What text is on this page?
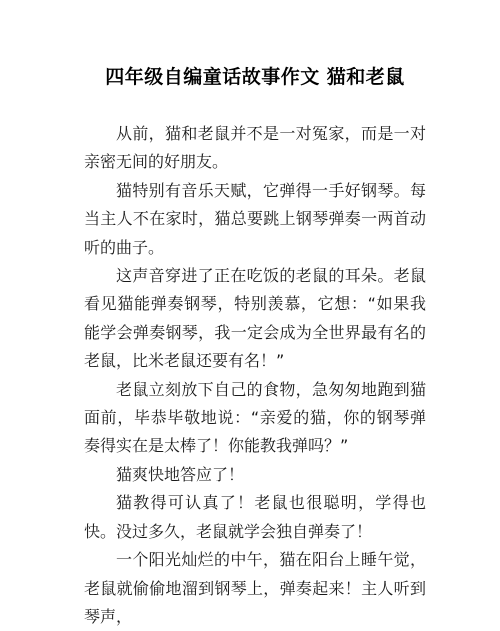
四年级自编童话故事作文 猫和老鼠

从前，猫和老鼠并不是一对冤家，而是一对亲密无间的好朋友。

猫特别有音乐天赋，它弹得一手好钢琴。每当主人不在家时，猫总要跳上钢琴弹奏一两首动听的曲子。

这声音穿进了正在吃饭的老鼠的耳朵。老鼠看见猫能弹奏钢琴，特别羡慕，它想：“如果我能学会弹奏钢琴，我一定会成为全世界最有名的老鼠，比米老鼠还要有名！”

老鼠立刻放下自己的食物，急匆匆地跑到猫面前，毕恭毕敬地说：“亲爱的猫，你的钢琴弹奏得实在是太棒了！你能教我弹吗？”

猫爽快地答应了！

猫教得可认真了！老鼠也很聪明，学得也快。没过多久，老鼠就学会独自弹奏了！

一个阳光灿烂的中午，猫在阳台上睡午觉，老鼠就偷偷地溜到钢琴上，弹奏起来！主人听到琴声，
